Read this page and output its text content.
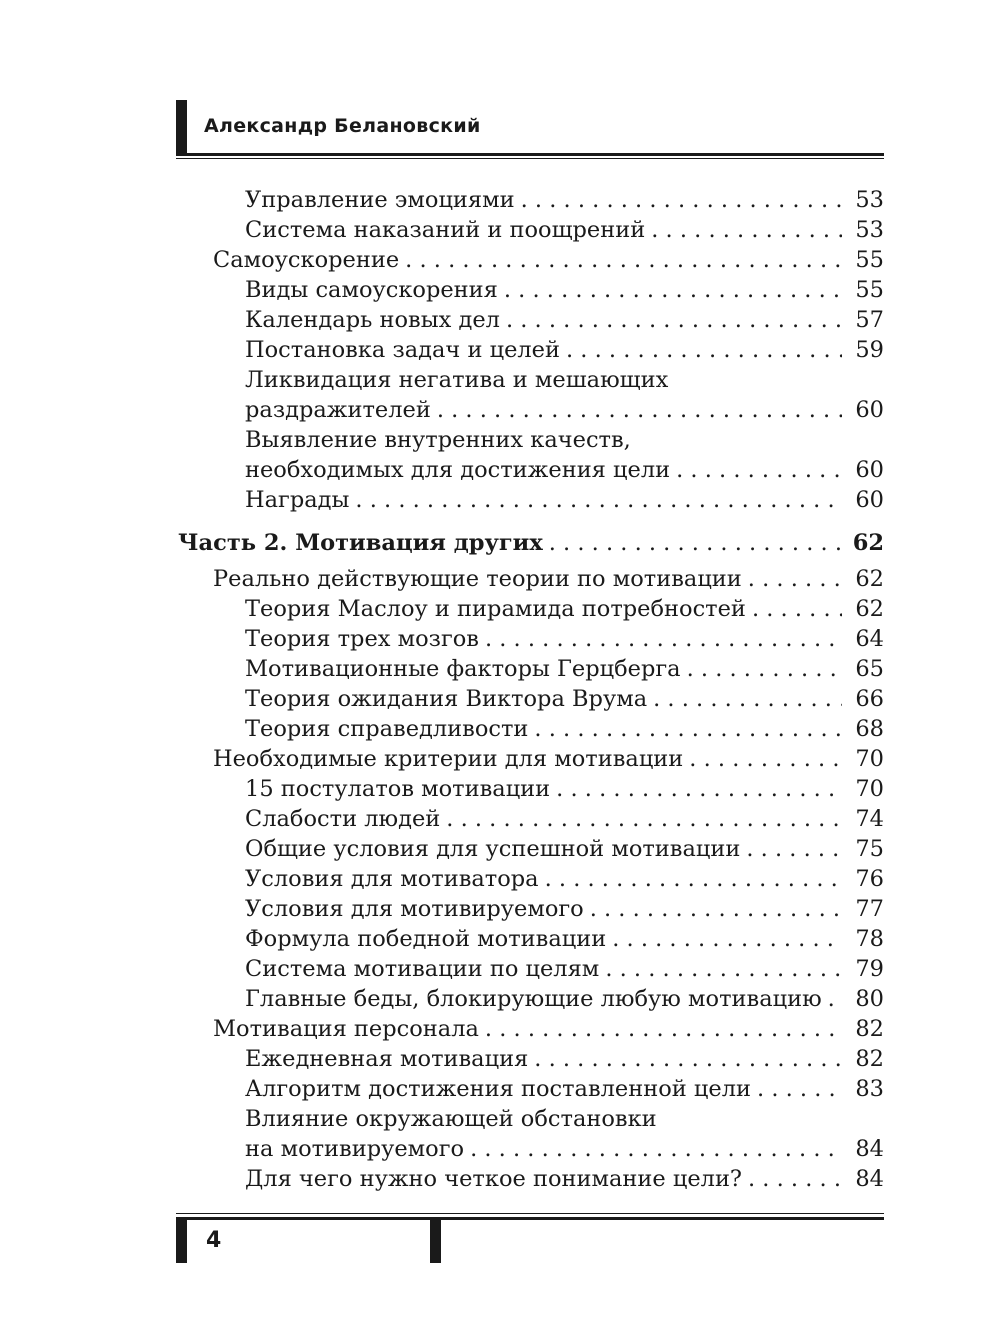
Александр Белановский
Управление эмоциями . . .	53
Система наказаний и поощрений . . .	53
Самоускорение . . .	55
Виды самоускорения . . .	55
Календарь новых дел . . .	57
Постановка задач и целей . . .	59
Ликвидация негатива и мешающих
раздражителей . . .	60
Выявление внутренних качеств,
необходимых для достижения цели . . .	60
Награды . . .	60
Часть 2. Мотивация других . . .	62
Реально действующие теории по мотивации . . .	62
Теория Маслоу и пирамида потребностей . . .	62
Теория трех мозгов . . .	64
Мотивационные факторы Герцберга . . .	65
Теория ожидания Виктора Врума . . .	66
Теория справедливости . . .	68
Необходимые критерии для мотивации . . .	70
15 постулатов мотивации . . .	70
Слабости людей . . .	74
Общие условия для успешной мотивации . . .	75
Условия для мотиватора . . .	76
Условия для мотивируемого . . .	77
Формула победной мотивации . . .	78
Система мотивации по целям . . .	79
Главные беды, блокирующие любую мотивацию . . .	80
Мотивация персонала . . .	82
Ежедневная мотивация . . .	82
Алгоритм достижения поставленной цели . . .	83
Влияние окружающей обстановки
на мотивируемого . . .	84
Для чего нужно четкое понимание цели? . . .	84
4
